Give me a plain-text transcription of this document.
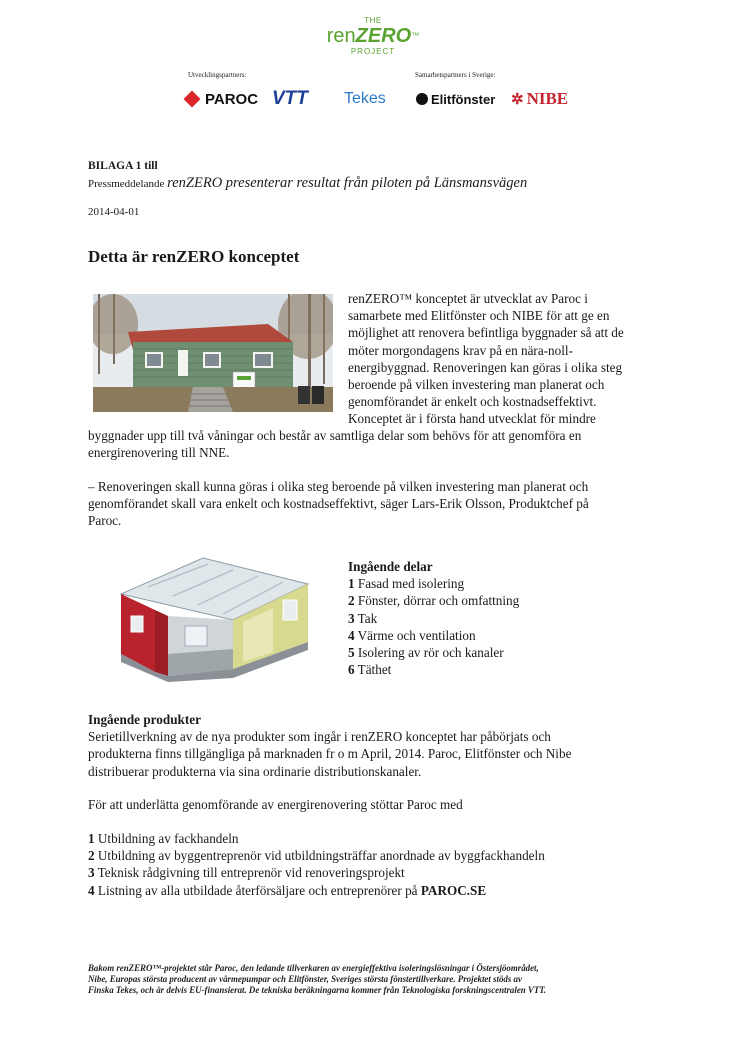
THE
renZERO™
PROJECT
Utvecklingspartners:	Samarbetspartners i Sverige:
PAROC VTT Tekes	Elitfönster ✲ NIBE
BILAGA 1 till
Pressmeddelande renZERO presenterar resultat från piloten på Länsmansvägen
2014-04-01
Detta är renZERO konceptet
renZERO™ konceptet är utvecklat av Paroc i
samarbete med Elitfönster och NIBE för att ge en
möjlighet att renovera befintliga byggnader så att de
möter morgondagens krav på en nära-noll-
energibyggnad. Renoveringen kan göras i olika steg
beroende på vilken investering man planerat och
genomförandet är enkelt och kostnadseffektivt.
Konceptet är i första hand utvecklat för mindre
byggnader upp till två våningar och består av samtliga delar som behövs för att genomföra en
energirenovering till NNE.
– Renoveringen skall kunna göras i olika steg beroende på vilken investering man planerat och
genomförandet skall vara enkelt och kostnadseffektivt, säger Lars-Erik Olsson, Produktchef på
Paroc.
Ingående delar
1 Fasad med isolering
2 Fönster, dörrar och omfattning
3 Tak
4 Värme och ventilation
5 Isolering av rör och kanaler
6 Täthet
Ingående produkter
Serietillverkning av de nya produkter som ingår i renZERO konceptet har påbörjats och
produkterna finns tillgängliga på marknaden fr o m April, 2014. Paroc, Elitfönster och Nibe
distribuerar produkterna via sina ordinarie distributionskanaler.
För att underlätta genomförande av energirenovering stöttar Paroc med
1 Utbildning av fackhandeln
2 Utbildning av byggentreprenör vid utbildningsträffar anordnade av byggfackhandeln
3 Teknisk rådgivning till entreprenör vid renoveringsprojekt
4 Listning av alla utbildade återförsäljare och entreprenörer på PAROC.SE
Bakom renZERO™-projektet står Paroc, den ledande tillverkaren av energieffektiva isoleringslösningar i Östersjöområdet,
Nibe, Europas största producent av värmepumpar och Elitfönster, Sveriges största fönstertillverkare. Projektet stöds av
Finska Tekes, och är delvis EU-finansierat. De tekniska beräkningarna kommer från Teknologiska forskningscentralen VTT.
